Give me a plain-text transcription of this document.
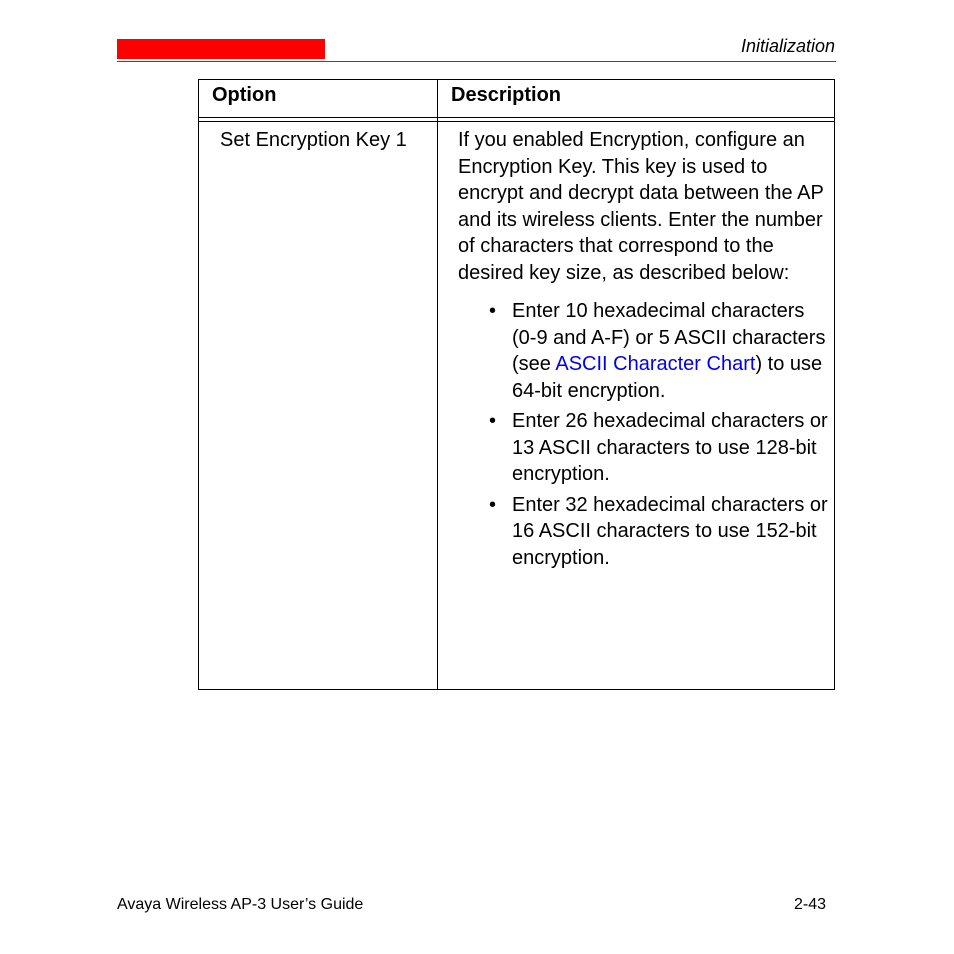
Initialization
Option	Description
Set Encryption Key 1	If you enabled Encryption, configure an Encryption Key. This key is used to encrypt and decrypt data between the AP and its wireless clients. Enter the number of characters that correspond to the desired key size, as described below:

• Enter 10 hexadecimal characters (0-9 and A-F) or 5 ASCII characters (see ASCII Character Chart) to use 64-bit encryption.
• Enter 26 hexadecimal characters or 13 ASCII characters to use 128-bit encryption.
• Enter 32 hexadecimal characters or 16 ASCII characters to use 152-bit encryption.
Avaya Wireless AP-3 User’s Guide	2-43
